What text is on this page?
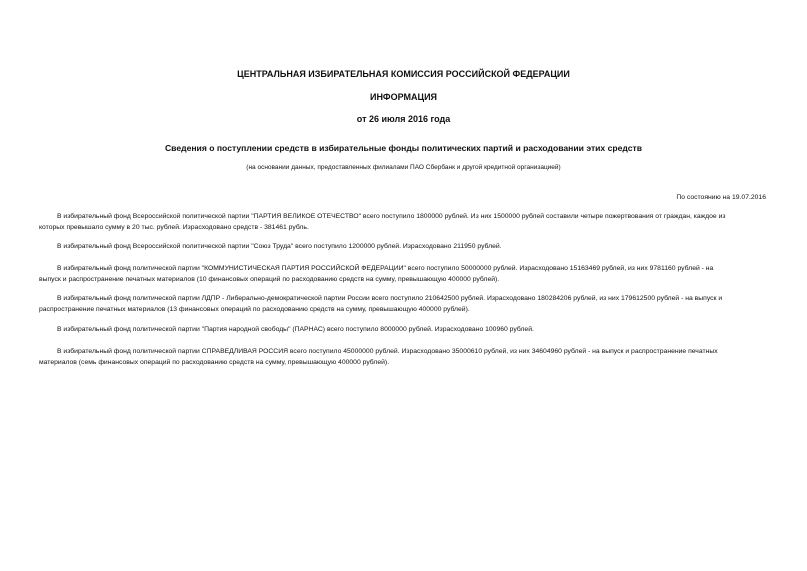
ЦЕНТРАЛЬНАЯ ИЗБИРАТЕЛЬНАЯ КОМИССИЯ РОССИЙСКОЙ ФЕДЕРАЦИИ
ИНФОРМАЦИЯ
от 26 июля 2016 года
Сведения о поступлении средств в избирательные фонды политических партий и расходовании этих средств
(на основании данных, предоставленных филиалами ПАО Сбербанк и другой кредитной организацией)
По состоянию на 19.07.2016
В избирательный фонд Всероссийской политической партии "ПАРТИЯ ВЕЛИКОЕ ОТЕЧЕСТВО" всего поступило 1800000 рублей. Из них 1500000 рублей составили четыре пожертвования от граждан, каждое из
которых превышало сумму в 20 тыс. рублей. Израсходовано средств - 381461 рубль.
В избирательный фонд Всероссийской политической партии "Союз Труда" всего поступило 1200000 рублей. Израсходовано 211950 рублей.
В избирательный фонд политической партии "КОММУНИСТИЧЕСКАЯ ПАРТИЯ РОССИЙСКОЙ ФЕДЕРАЦИИ" всего поступило 50000000 рублей. Израсходовано 15163469 рублей, из них 9781160 рублей - на
выпуск и распространение печатных материалов (10 финансовых операций по расходованию средств на сумму, превышающую 400000 рублей).
В избирательный фонд политической партии ЛДПР - Либерально-демократической партии России всего поступило 210642500 рублей. Израсходовано 180284206 рублей, из них 179612500 рублей - на выпуск и
распространение печатных материалов (13 финансовых операций по расходованию средств на сумму, превышающую 400000 рублей).
В избирательный фонд политической партии "Партия народной свободы" (ПАРНАС) всего поступило 8000000 рублей. Израсходовано 100960 рублей.
В избирательный фонд политической партии СПРАВЕДЛИВАЯ РОССИЯ всего поступило 45000000 рублей. Израсходовано 35000610 рублей, из них 34604960 рублей - на выпуск и распространение печатных
материалов (семь финансовых операций по расходованию средств на сумму, превышающую 400000 рублей).
